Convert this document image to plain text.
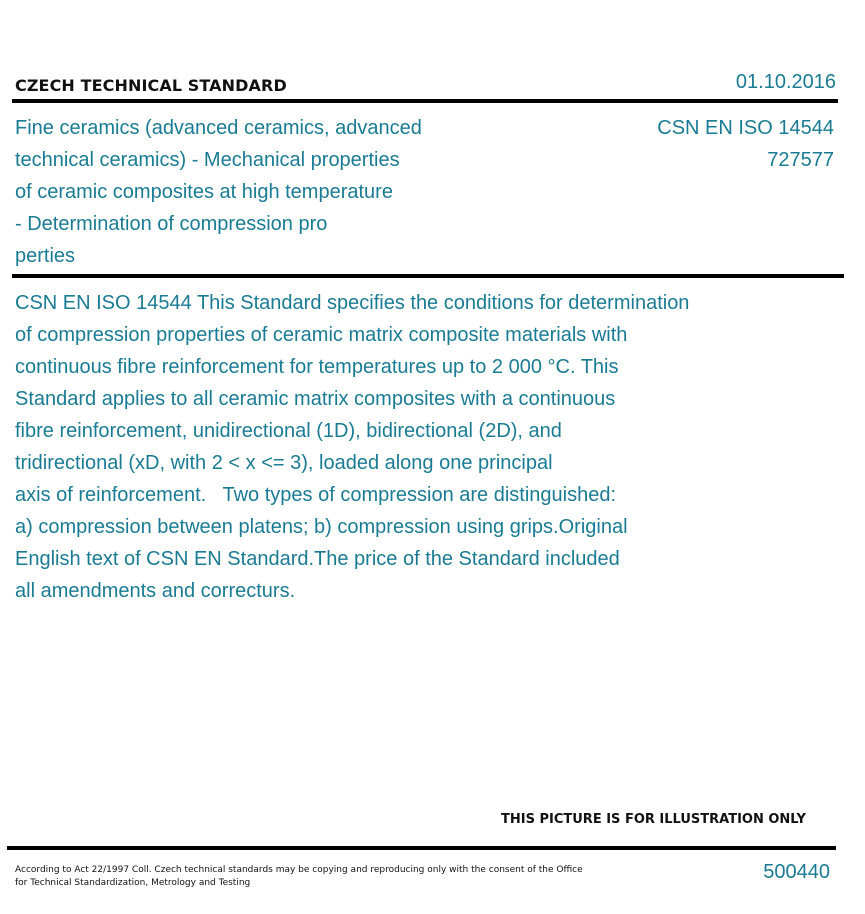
CZECH TECHNICAL STANDARD	01.10.2016
Fine ceramics (advanced ceramics, advanced
technical ceramics) - Mechanical properties
of ceramic composites at high temperature
- Determination of compression pro
perties
CSN EN ISO 14544
727577
CSN EN ISO 14544 This Standard specifies the conditions for determination
of compression properties of ceramic matrix composite materials with
continuous fibre reinforcement for temperatures up to 2 000 °C. This
Standard applies to all ceramic matrix composites with a continuous
fibre reinforcement, unidirectional (1D), bidirectional (2D), and
tridirectional (xD, with 2 < x <= 3), loaded along one principal
axis of reinforcement.   Two types of compression are distinguished:
a) compression between platens; b) compression using grips.Original
English text of CSN EN Standard.The price of the Standard included
all amendments and correcturs.
THIS PICTURE IS FOR ILLUSTRATION ONLY
According to Act 22/1997 Coll. Czech technical standards may be copying and reproducing only with the consent of the Office
for Technical Standardization, Metrology and Testing	500440
